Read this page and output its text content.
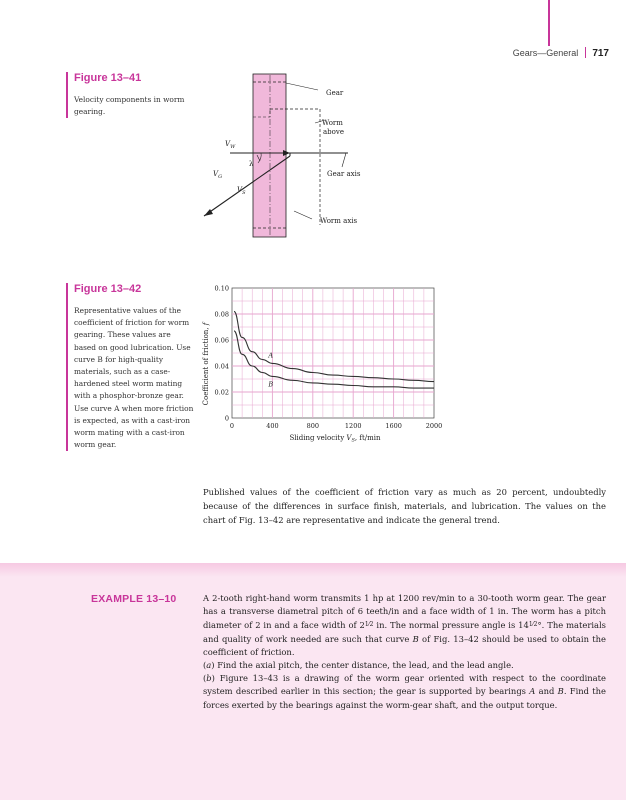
Gears—General 717
Figure 13–41
Velocity components in worm gearing.
Gear
Worm
above
Gear axis
Worm axis
$V_W$
$V_G$
$V_S$
λ
Figure 13–42
Representative values of the coefficient of friction for worm gearing. These values are based on good lubrication. Use curve B for high-quality materials, such as a case-hardened steel worm mating with a phosphor-bronze gear. Use curve A when more friction is expected, as with a cast-iron worm mating with a cast-iron worm gear.
0	400	800	1200	1600	2000
0
0.02
0.04
0.06
0.08
0.10
A
B
Coefficient of friction, f
Sliding velocity $V_S$, ft/min
Published values of the coefficient of friction vary as much as 20 percent, undoubtedly because of the differences in surface finish, materials, and lubrication. The values on the chart of Fig. 13–42 are representative and indicate the general trend.
EXAMPLE 13–10	A 2-tooth right-hand worm transmits 1 hp at 1200 rev/min to a 30-tooth worm gear. The gear has a transverse diametral pitch of 6 teeth/in and a face width of 1 in. The worm has a pitch diameter of 2 in and a face width of 21⁄2 in. The normal pressure angle is 141⁄2°. The materials and quality of work needed are such that curve B of Fig. 13–42 should be used to obtain the coefficient of friction.

(a) Find the axial pitch, the center distance, the lead, and the lead angle.

(b) Figure 13–43 is a drawing of the worm gear oriented with respect to the coordinate system described earlier in this section; the gear is supported by bearings A and B. Find the forces exerted by the bearings against the worm-gear shaft, and the output torque.
